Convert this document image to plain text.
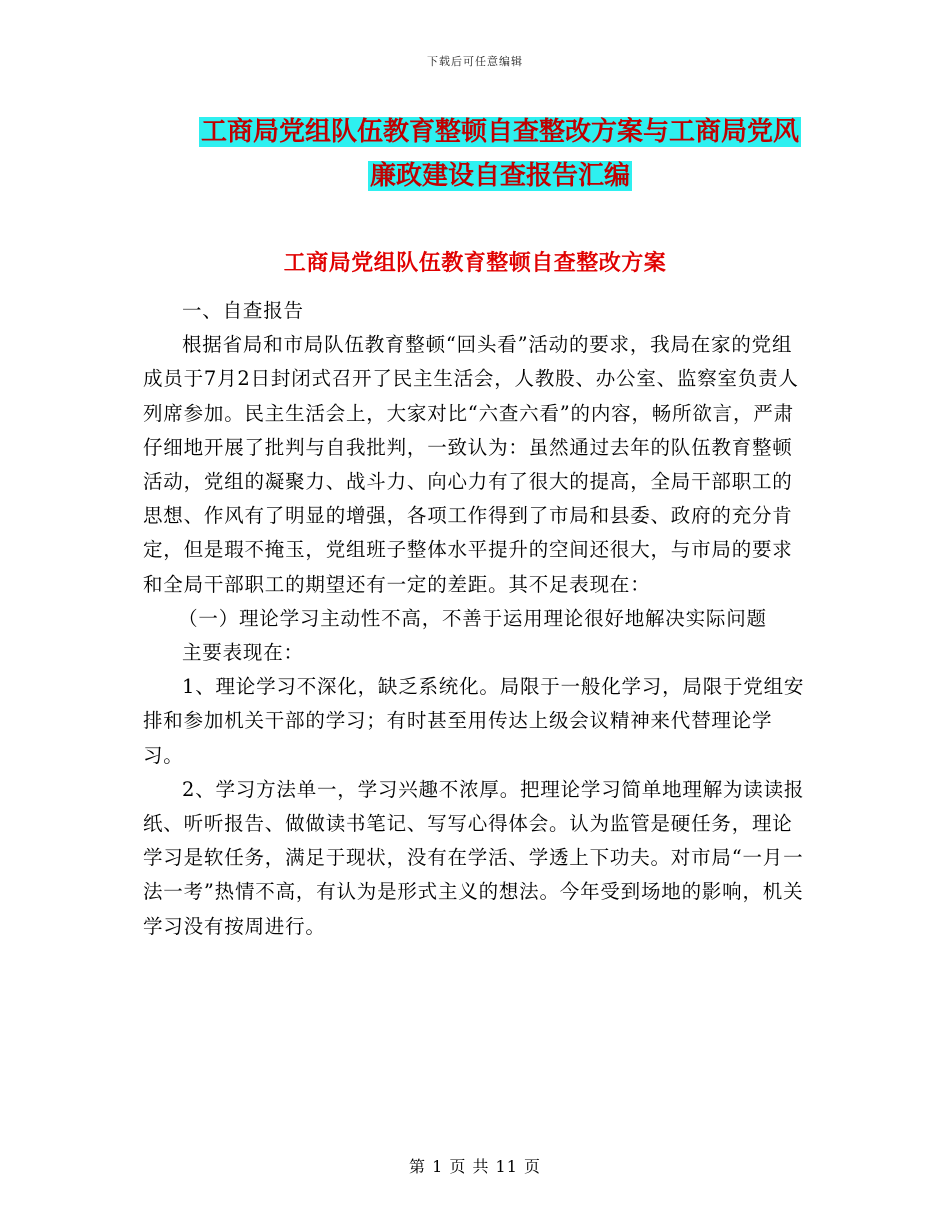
下载后可任意编辑
工商局党组队伍教育整顿自查整改方案与工商局党风
廉政建设自查报告汇编
工商局党组队伍教育整顿自查整改方案

一、自查报告

根据省局和市局队伍教育整顿“回头看”活动的要求，我局在家的党组成员于7月2日封闭式召开了民主生活会，人教股、办公室、监察室负责人列席参加。民主生活会上，大家对比“六查六看”的内容，畅所欲言，严肃仔细地开展了批判与自我批判，一致认为：虽然通过去年的队伍教育整顿活动，党组的凝聚力、战斗力、向心力有了很大的提高，全局干部职工的思想、作风有了明显的增强，各项工作得到了市局和县委、政府的充分肯定，但是瑕不掩玉，党组班子整体水平提升的空间还很大，与市局的要求和全局干部职工的期望还有一定的差距。其不足表现在：

（一）理论学习主动性不高，不善于运用理论很好地解决实际问题

主要表现在：

1、理论学习不深化，缺乏系统化。局限于一般化学习，局限于党组安排和参加机关干部的学习；有时甚至用传达上级会议精神来代替理论学习。

2、学习方法单一，学习兴趣不浓厚。把理论学习简单地理解为读读报纸、听听报告、做做读书笔记、写写心得体会。认为监管是硬任务，理论学习是软任务，满足于现状，没有在学活、学透上下功夫。对市局“一月一法一考”热情不高，有认为是形式主义的想法。今年受到场地的影响，机关学习没有按周进行。

第 1 页 共 11 页
